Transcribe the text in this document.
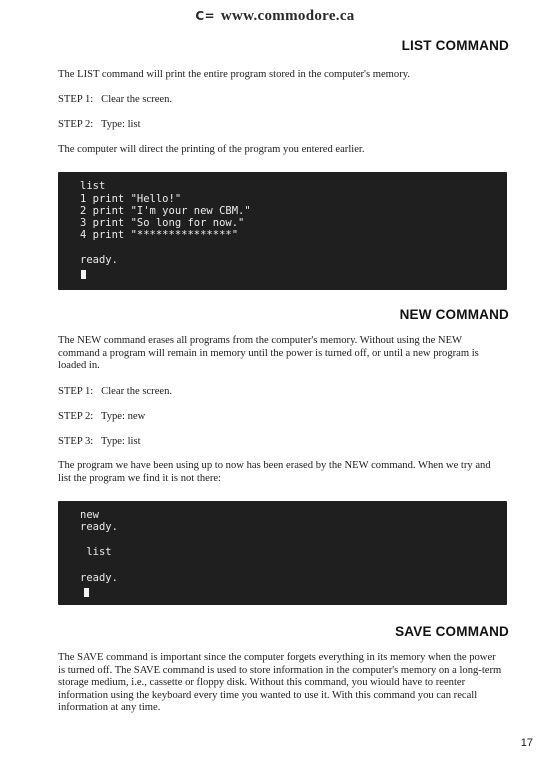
C= www.commodore.ca
LIST COMMAND
The LIST command will print the entire program stored in the computer's memory.
STEP 1:   Clear the screen.
STEP 2:   Type: list
The computer will direct the printing of the program you entered earlier.
list
1 print "Hello!"
2 print "I'm your new CBM."
3 print "So long for now."
4 print "***************"
ready.
NEW COMMAND
The NEW command erases all programs from the computer's memory. Without using the NEW command a program will remain in memory until the power is turned off, or until a new program is loaded in.
STEP 1:   Clear the screen.
STEP 2:   Type: new
STEP 3:   Type: list
The program we have been using up to now has been erased by the NEW command. When we try and list the program we find it is not there:
new
ready.
list
ready.
SAVE COMMAND
The SAVE command is important since the computer forgets everything in its memory when the power is turned off. The SAVE command is used to store information in the computer's memory on a long-term storage medium, i.e., cassette or floppy disk. Without this command, you wiould have to reenter information using the keyboard every time you wanted to use it. With this command you can recall information at any time.
17
